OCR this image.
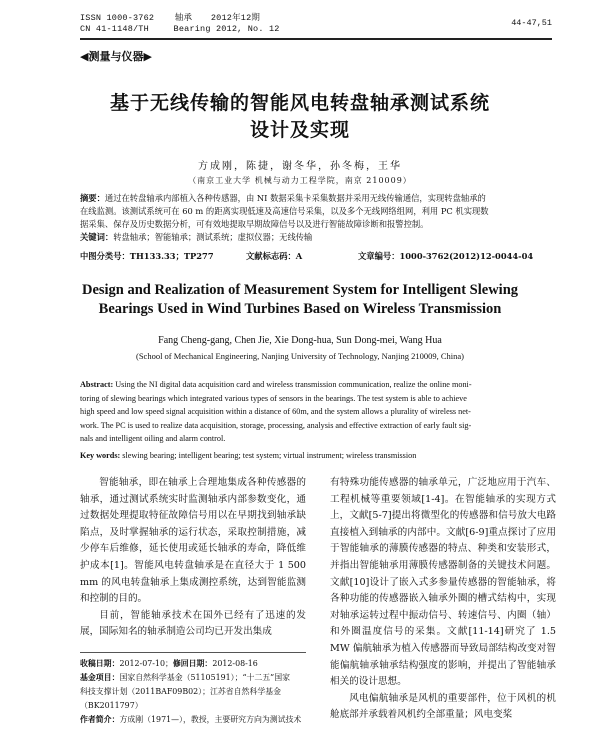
ISSN 1000-3762 轴承 2012年12期
CN 41-1148/TH	Bearing 2012, No. 12
44-47,51
◀测量与仪器▶
基于无线传输的智能风电转盘轴承测试系统
设计及实现
方成刚，陈捷，谢冬华，孙冬梅，王华
（南京工业大学 机械与动力工程学院，南京 210009）
摘要：通过在转盘轴承内部植入各种传感器，由 NI 数据采集卡采集数据并采用无线传输通信，实现转盘轴承的
在线监测。该测试系统可在 60 m 的距离实现低速及高速信号采集，以及多个无线网络组网，利用 PC 机实现数
据采集、保存及历史数据分析，可有效地提取早期故障信号以及进行智能故障诊断和报警控制。
关键词：转盘轴承；智能轴承；测试系统；虚拟仪器；无线传输
中图分类号：TH133.33；TP277	文献标志码：A	文章编号：1000-3762(2012)12-0044-04
Design and Realization of Measurement System for Intelligent Slewing
Bearings Used in Wind Turbines Based on Wireless Transmission
Fang Cheng-gang, Chen Jie, Xie Dong-hua, Sun Dong-mei, Wang Hua
(School of Mechanical Engineering, Nanjing University of Technology, Nanjing 210009, China)
Abstract: Using the NI digital data acquisition card and wireless transmission communication, realize the online moni-
toring of slewing bearings which integrated various types of sensors in the bearings. The test system is able to achieve
high speed and low speed signal acquisition within a distance of 60m, and the system allows a plurality of wireless net-
work. The PC is used to realize data acquisition, storage, processing, analysis and effective extraction of early fault sig-
nals and intelligent oiling and alarm control.
Key words: slewing bearing; intelligent bearing; test system; virtual instrument; wireless transmission

智能轴承，即在轴承上合理地集成各种传感器的轴承，通过测试系统实时监测轴承内部参数变化，通过数据处理提取特征故障信号用以在早期找到轴承缺陷点，及时掌握轴承的运行状态，采取控制措施，减少停车后维修，延长使用或延长轴承的寿命，降低维护成本[1]。智能风电转盘轴承是在直径大于 1 500 mm 的风电转盘轴承上集成测控系统，达到智能监测和控制的目的。

目前，智能轴承技术在国外已经有了迅速的发展，国际知名的轴承制造公司均已开发出集成

收稿日期：2012-07-10；修回日期：2012-08-16
基金项目：国家自然科学基金（51105191）；“十二五”国家
科技支撑计划（2011BAF09B02）；江苏省自然科学基金
（BK2011797）
作者简介：方成刚（1971—），教授，主要研究方向为测试技术

有特殊功能传感器的轴承单元，广泛地应用于汽车、工程机械等重要领域[1-4]。在智能轴承的实现方式上，文献[5-7]提出将微型化的传感器和信号放大电路直接植入到轴承的内部中。文献[6-9]重点探讨了应用于智能轴承的薄膜传感器的特点、种类和安装形式，并指出智能轴承用薄膜传感器制备的关键技术问题。文献[10]设计了嵌入式多参量传感器的智能轴承，将各种功能的传感器嵌入轴承外圈的槽式结构中，实现对轴承运转过程中振动信号、转速信号、内圈（轴）和外圈温度信号的采集。文献[11-14]研究了 1.5 MW 偏航轴承为植入传感器而导致局部结构改变对智能偏航轴承轴承结构强度的影响，并提出了智能轴承相关的设计思想。

风电偏航轴承是风机的重要部件，位于风机的机舱底部并承载着风机约全部重量；风电变桨
